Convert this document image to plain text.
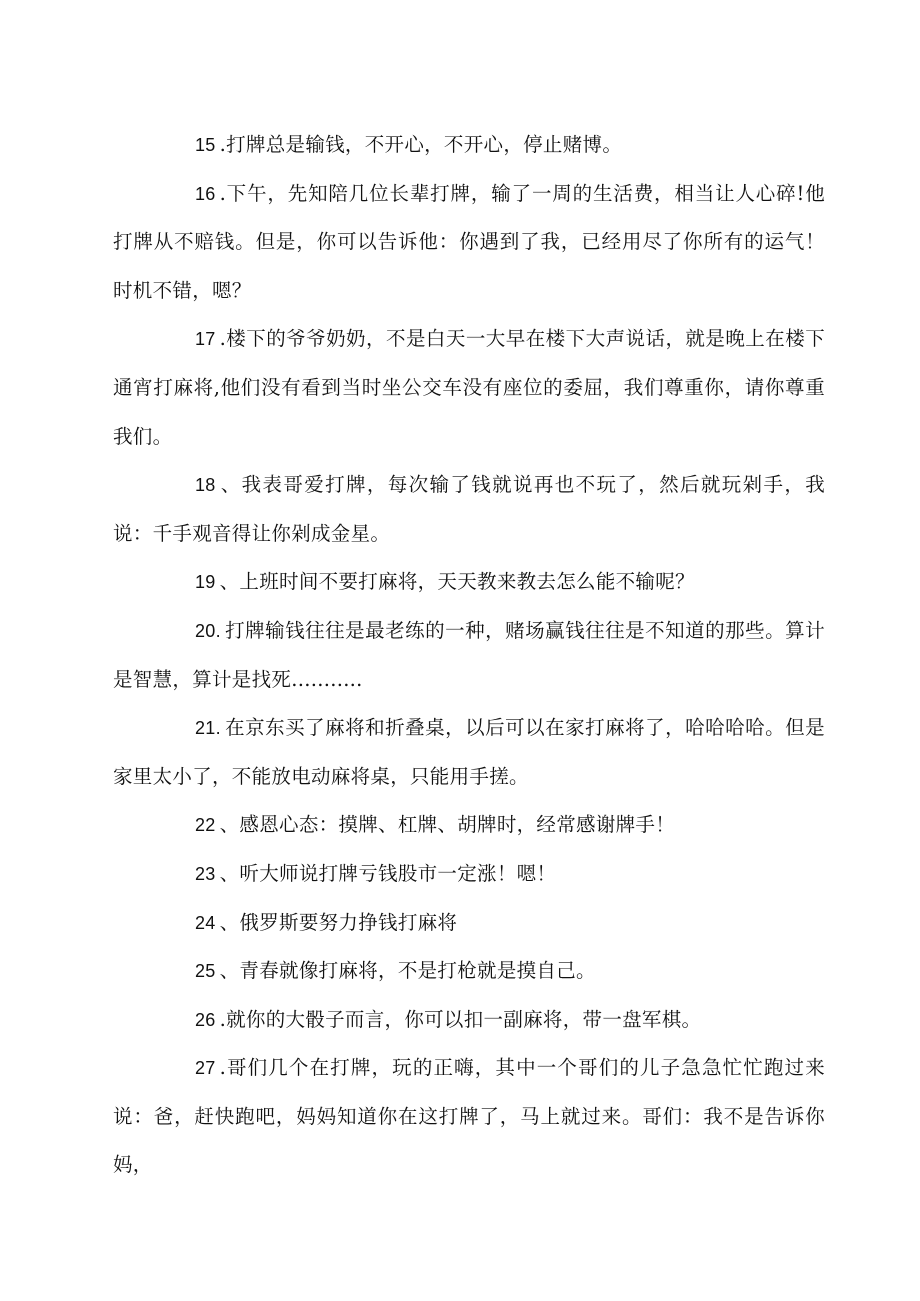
15 .打牌总是输钱，不开心，不开心，停止赌博。

16 .下午，先知陪几位长辈打牌，输了一周的生活费，相当让人心碎!他打牌从不赔钱。但是，你可以告诉他：你遇到了我，已经用尽了你所有的运气！时机不错，嗯？

17 .楼下的爷爷奶奶，不是白天一大早在楼下大声说话，就是晚上在楼下通宵打麻将,他们没有看到当时坐公交车没有座位的委屈，我们尊重你，请你尊重我们。

18 、我表哥爱打牌，每次输了钱就说再也不玩了，然后就玩剁手，我说：千手观音得让你剁成金星。

19 、上班时间不要打麻将，天天教来教去怎么能不输呢？

20. 打牌输钱往往是最老练的一种，赌场赢钱往往是不知道的那些。算计是智慧，算计是找死...........

21. 在京东买了麻将和折叠桌，以后可以在家打麻将了，哈哈哈哈。但是家里太小了，不能放电动麻将桌，只能用手搓。

22 、感恩心态：摸牌、杠牌、胡牌时，经常感谢牌手！

23 、听大师说打牌亏钱股市一定涨！嗯！

24 、俄罗斯要努力挣钱打麻将

25 、青春就像打麻将，不是打枪就是摸自己。

26 .就你的大骰子而言，你可以扣一副麻将，带一盘军棋。

27 .哥们几个在打牌，玩的正嗨，其中一个哥们的儿子急急忙忙跑过来说：爸，赶快跑吧，妈妈知道你在这打牌了，马上就过来。哥们：我不是告诉你妈，
